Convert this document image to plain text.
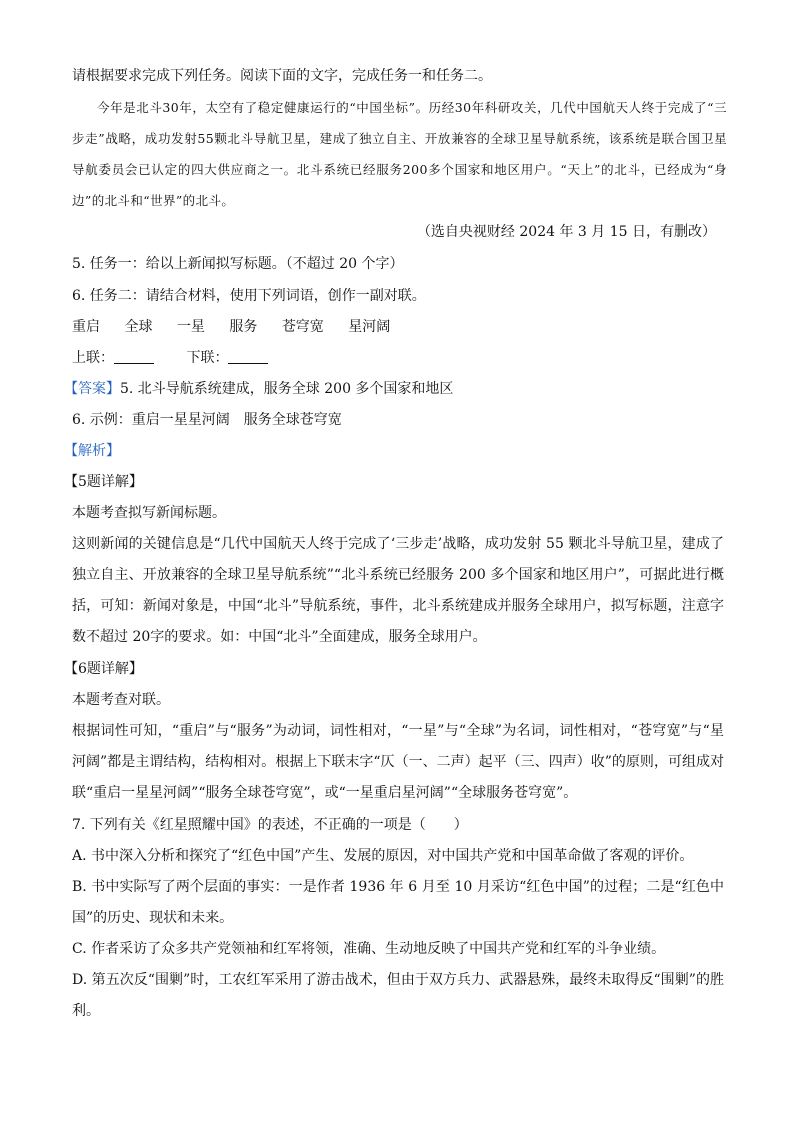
请根据要求完成下列任务。阅读下面的文字，完成任务一和任务二。
今年是北斗30年，太空有了稳定健康运行的“中国坐标”。历经30年科研攻关，几代中国航天人终于完成了“三步走”战略，成功发射55颗北斗导航卫星，建成了独立自主、开放兼容的全球卫星导航系统，该系统是联合国卫星导航委员会已认定的四大供应商之一。北斗系统已经服务200多个国家和地区用户。“天上”的北斗，已经成为“身边”的北斗和“世界”的北斗。
（选自央视财经 2024 年 3 月 15 日，有删改）
5. 任务一：给以上新闻拟写标题。（不超过 20 个字）
6. 任务二：请结合材料，使用下列词语，创作一副对联。
重启 全球 一星 服务 苍穹宽 星河阔
上联：	下联：
【答案】5. 北斗导航系统建成，服务全球 200 多个国家和地区
6. 示例：重启一星星河阔　服务全球苍穹宽
【解析】
【5题详解】
本题考查拟写新闻标题。
这则新闻的关键信息是“几代中国航天人终于完成了‘三步走’战略，成功发射 55 颗北斗导航卫星，建成了独立自主、开放兼容的全球卫星导航系统”“北斗系统已经服务 200 多个国家和地区用户”，可据此进行概括，可知：新闻对象是，中国“北斗”导航系统，事件，北斗系统建成并服务全球用户，拟写标题，注意字数不超过 20字的要求。如：中国“北斗”全面建成，服务全球用户。
【6题详解】
本题考查对联。
根据词性可知，“重启”与“服务”为动词，词性相对，“一星”与“全球”为名词，词性相对，“苍穹宽”与“星河阔”都是主谓结构，结构相对。根据上下联末字“仄（一、二声）起平（三、四声）收”的原则，可组成对联“重启一星星河阔”“服务全球苍穹宽”，或“一星重启星河阔”“全球服务苍穹宽”。
7. 下列有关《红星照耀中国》的表述，不正确的一项是（　　）
A. 书中深入分析和探究了“红色中国”产生、发展的原因，对中国共产党和中国革命做了客观的评价。
B. 书中实际写了两个层面的事实：一是作者 1936 年 6 月至 10 月采访“红色中国”的过程；二是“红色中国”的历史、现状和未来。
C. 作者采访了众多共产党领袖和红军将领，准确、生动地反映了中国共产党和红军的斗争业绩。
D. 第五次反“围剿”时，工农红军采用了游击战术，但由于双方兵力、武器悬殊，最终未取得反“围剿”的胜利。
